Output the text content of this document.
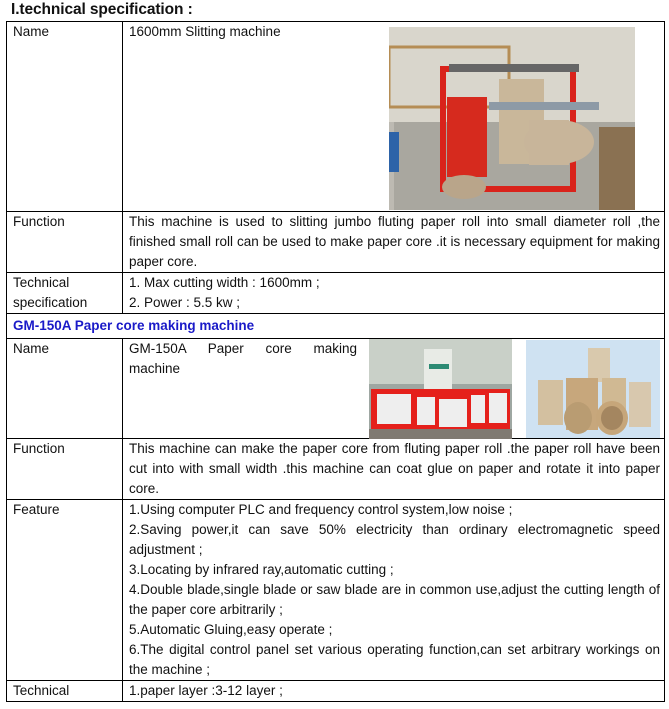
I.technical specification :
Name	1600mm Slitting machine

Function	This machine is used to slitting jumbo fluting paper roll into small diameter roll ,the finished small roll can be used to make paper core .it is necessary equipment for making paper core.
Technical specification	1. Max cutting width : 1600mm ;
2. Power : 5.5 kw ;

GM-150A Paper core making machine	
Name	GM-150A Paper core making machine

Function	This machine can make the paper core from fluting paper roll .the paper roll have been cut into with small width .this machine can coat glue on paper and rotate it into paper core.
Feature	1.Using computer PLC and frequency control system,low noise ;
2.Saving power,it can save 50% electricity than ordinary electromagnetic speed adjustment ;
3.Locating by infrared ray,automatic cutting ;
4.Double blade,single blade or saw blade are in common use,adjust the cutting length of the paper core arbitrarily ;
5.Automatic Gluing,easy operate ;
6.The digital control panel set various operating function,can set arbitrary workings on the machine ;

Technical	1.paper layer :3-12 layer ;
